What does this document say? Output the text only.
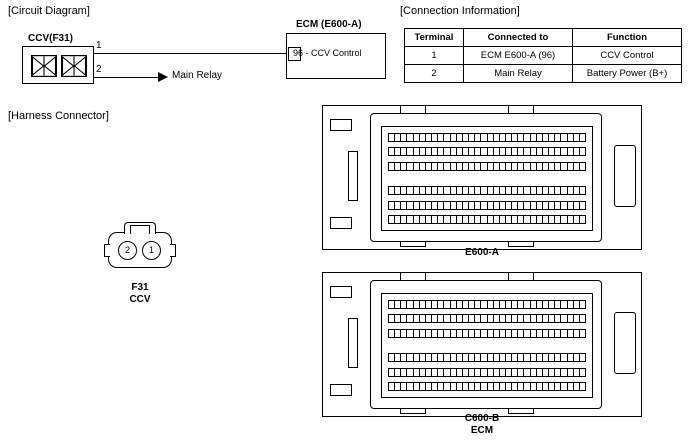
[Circuit Diagram]
CCV(F31)
1
2
Main Relay
ECM (E600-A)
96 - CCV Control
[Connection Information]
Terminal	Connected to	Function
1	ECM E600-A (96)	CCV Control
2	Main Relay	Battery Power (B+)
[Harness Connector]
2	1
F31
CCV
E600-A
C600-B
ECM
